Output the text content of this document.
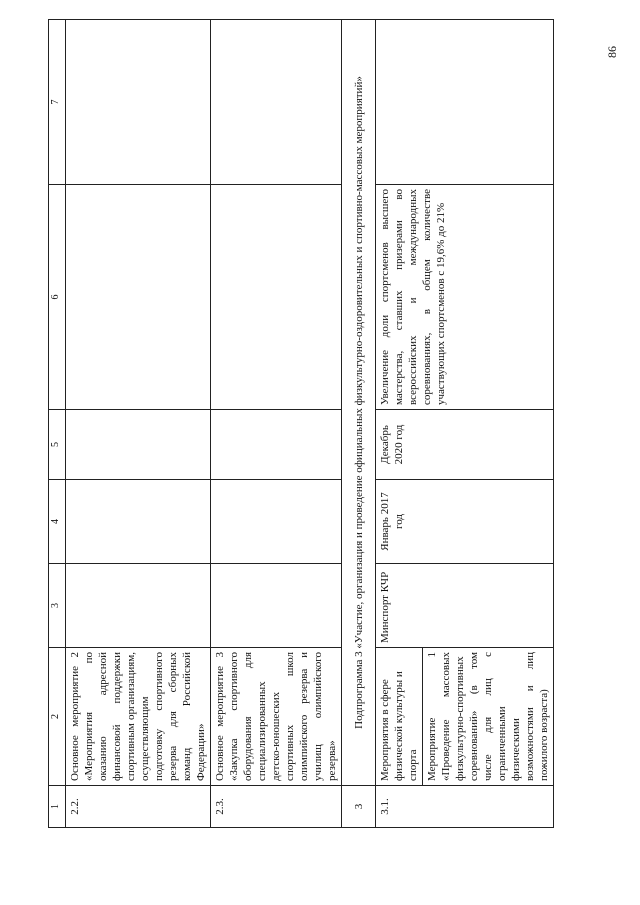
86
1	2	3	4	5	6	7
2.2.	Основное мероприятие 2 «Мероприятия по оказанию адресной финансовой поддержки спортивным организациям, осуществляющим подготовку спортивного резерва для сборных команд Российской Федерации»					
2.3.	Основное мероприятие 3 «Закупка спортивного оборудования для специализированных детско-юношеских спортивных школ олимпийского резерва и училищ олимпийского резерва»					
3	Подпрограмма 3 «Участие, организация и проведение официальных физкультурно-оздоровительных и спортивно-массовых мероприятий»					
3.1.	Мероприятия в сфере физической культуры и спорта	Минспорт КЧР	Январь 2017 год	Декабрь 2020 год	Увеличение доли спортсменов высшего мастерства, ставших призерами во всероссийских и международных соревнованиях, в общем количестве участвующих спортсменов с 19,6% до 21%	
	Мероприятие 1 «Проведение массовых физкультурно-спортивных соревнований» (в том числе для лиц с ограниченными физическими возможностями и лиц пожилого возраста)					
